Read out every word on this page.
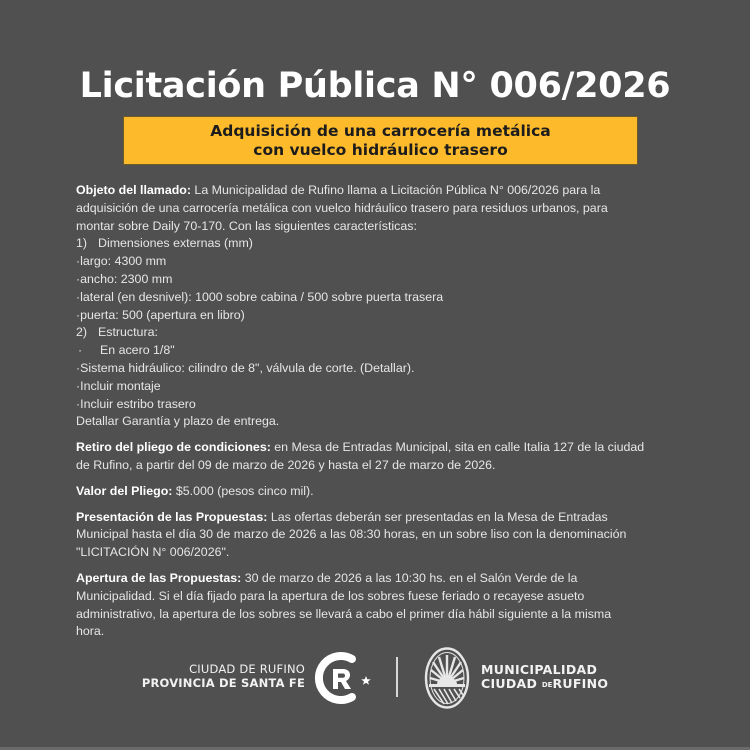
Licitación Pública N° 006/2026
Adquisición de una carrocería metálica
con vuelco hidráulico trasero
Objeto del llamado: La Municipalidad de Rufino llama a Licitación Pública N° 006/2026 para la
adquisición de una carrocería metálica con vuelco hidráulico trasero para residuos urbanos, para
montar sobre Daily 70-170. Con las siguientes características:
1) Dimensiones externas (mm)
·largo: 4300 mm
·ancho: 2300 mm
·lateral (en desnivel): 1000 sobre cabina / 500 sobre puerta trasera
·puerta: 500 (apertura en libro)
2) Estructura:
· En acero 1/8"
·Sistema hidráulico: cilindro de 8", válvula de corte. (Detallar).
·Incluir montaje
·Incluir estribo trasero
Detallar Garantía y plazo de entrega.
Retiro del pliego de condiciones: en Mesa de Entradas Municipal, sita en calle Italia 127 de la ciudad
de Rufino, a partir del 09 de marzo de 2026 y hasta el 27 de marzo de 2026.
Valor del Pliego: $5.000 (pesos cinco mil).
Presentación de las Propuestas: Las ofertas deberán ser presentadas en la Mesa de Entradas
Municipal hasta el día 30 de marzo de 2026 a las 08:30 horas, en un sobre liso con la denominación
"LICITACIÓN N° 006/2026".
Apertura de las Propuestas: 30 de marzo de 2026 a las 10:30 hs. en el Salón Verde de la
Municipalidad. Si el día fijado para la apertura de los sobres fuese feriado o recayese asueto
administrativo, la apertura de los sobres se llevará a cabo el primer día hábil siguiente a la misma
hora.
CIUDAD DE RUFINO
PROVINCIA DE SANTA FE
MUNICIPALIDAD
CIUDAD DERUFINO
